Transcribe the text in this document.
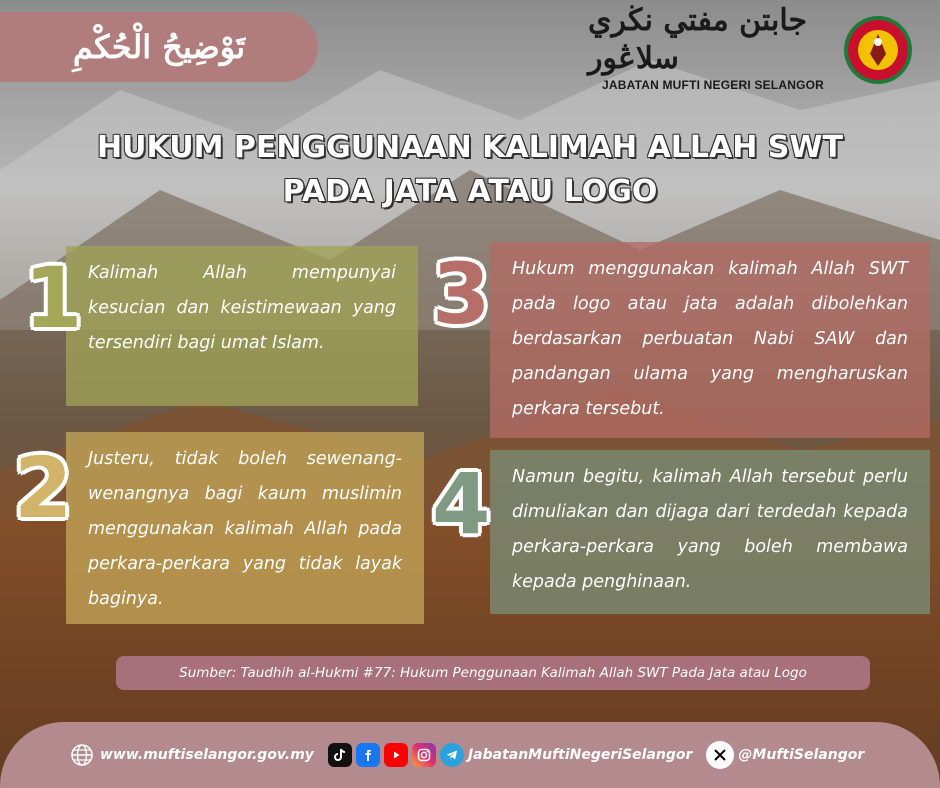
تَوْضِيحُ الْحُكْمِ
جابتن مفتي نڬري سلاڠور
JABATAN MUFTI NEGERI SELANGOR
HUKUM PENGGUNAAN KALIMAH ALLAH SWT
PADA JATA ATAU LOGO
1 Kalimah Allah mempunyai kesucian dan keistimewaan yang tersendiri bagi umat Islam.
2 Justeru, tidak boleh sewenang-wenangnya bagi kaum muslimin menggunakan kalimah Allah pada perkara-perkara yang tidak layak baginya.
3	Hukum menggunakan kalimah Allah SWT pada logo atau jata adalah dibolehkan berdasarkan perbuatan Nabi SAW dan pandangan ulama yang mengharuskan perkara tersebut.
4	Namun begitu, kalimah Allah tersebut perlu dimuliakan dan dijaga dari terdedah kepada perkara-perkara yang boleh membawa kepada penghinaan.
Sumber: Taudhih al-Hukmi #77: Hukum Penggunaan Kalimah Allah SWT Pada Jata atau Logo
www.muftiselangor.gov.my	JabatanMuftiNegeriSelangor	@MuftiSelangor
